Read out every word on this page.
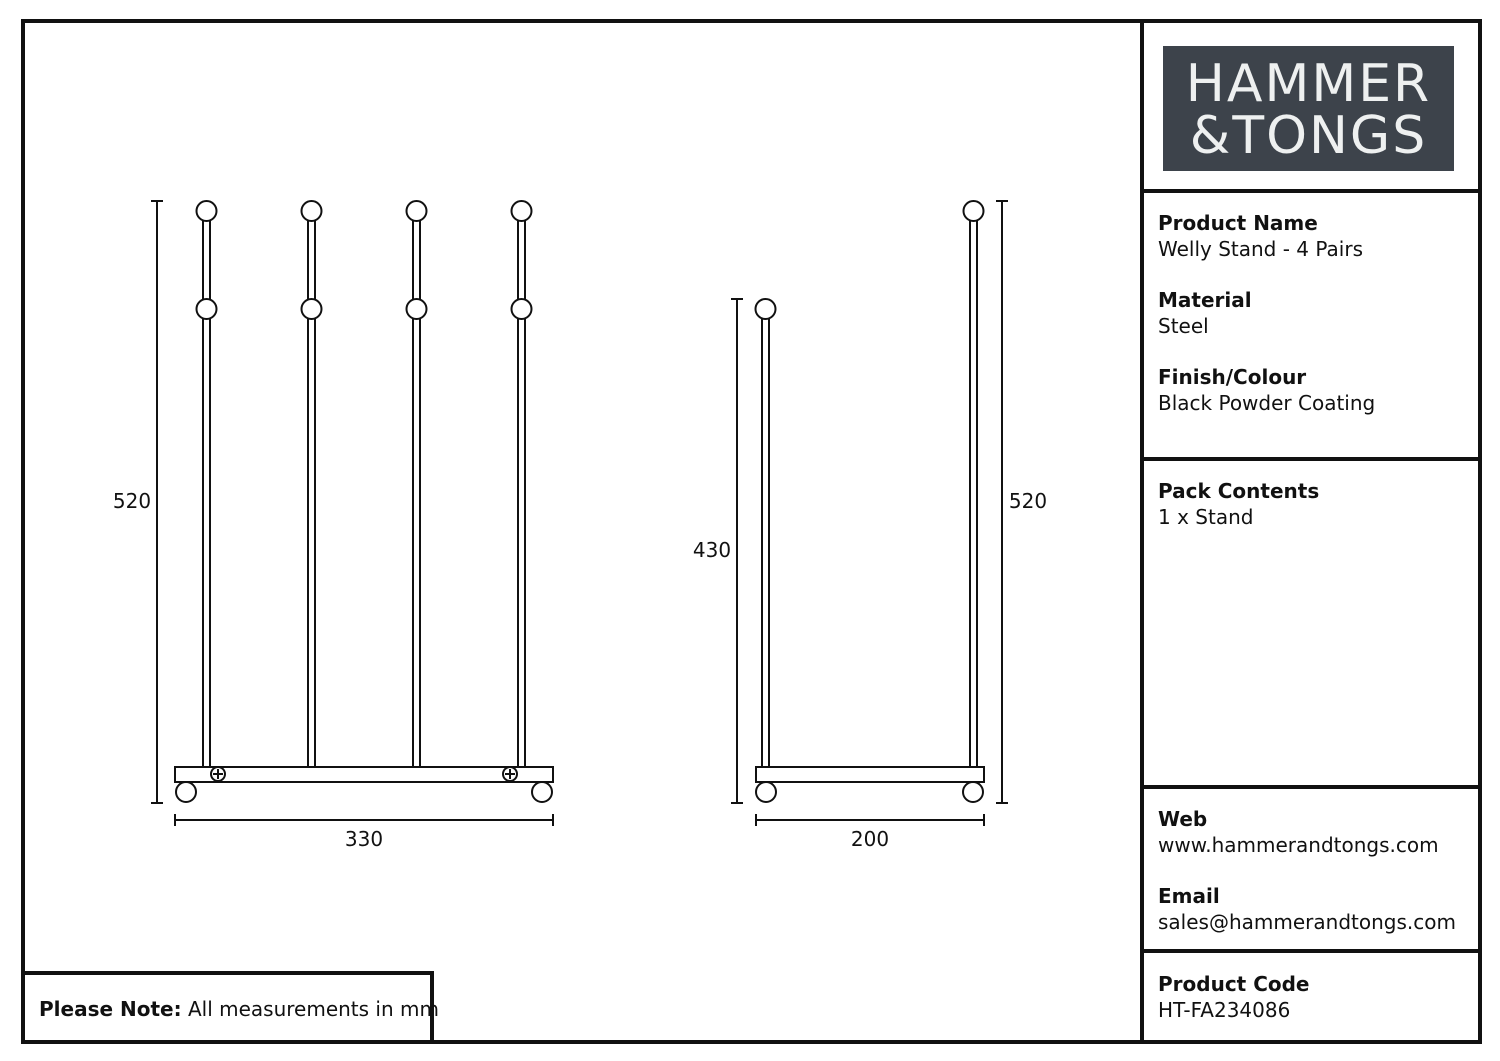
520
330
430
520
200
HAMMER
&TONGS
Product Name
Welly Stand - 4 Pairs
Material
Steel
Finish/Colour
Black Powder Coating
Pack Contents
1 x Stand
Web
www.hammerandtongs.com
Email
sales@hammerandtongs.com
Product Code
HT-FA234086
Please Note: All measurements in mm
